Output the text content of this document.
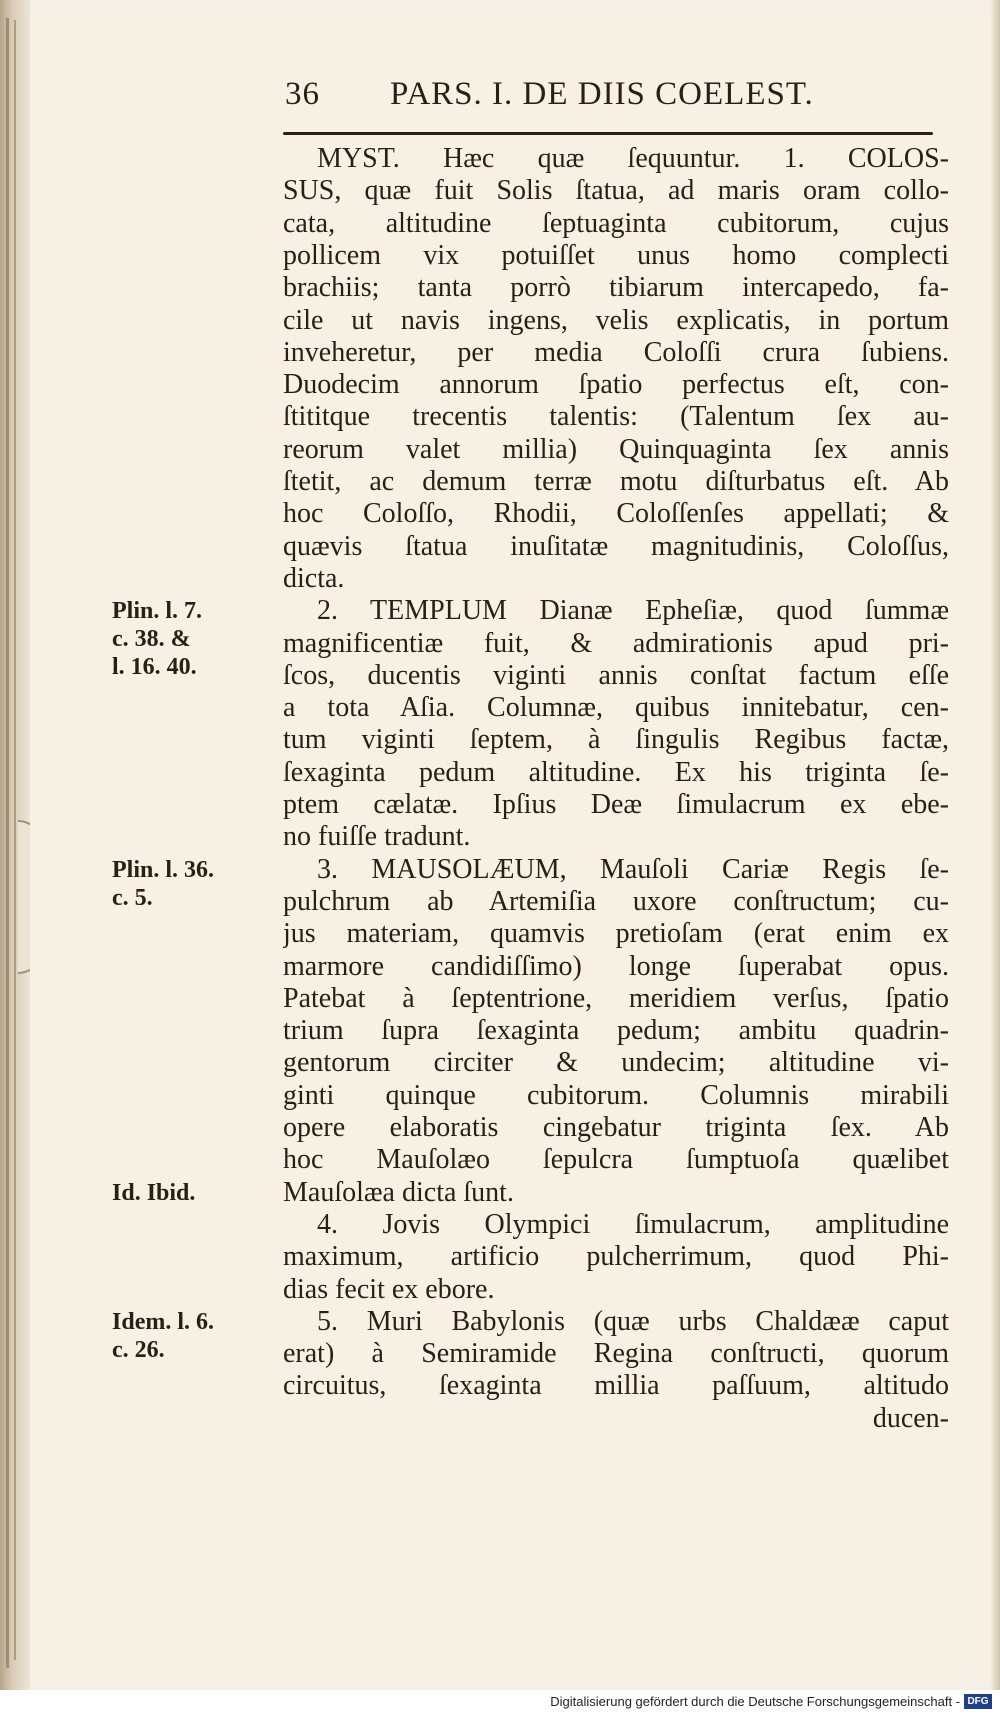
36 PARS. I. DE DIIS COELEST.
MYST. Hæc quæ ſequuntur. 1. COLOS-
SUS, quæ fuit Solis ſtatua, ad maris oram collo-
cata, altitudine ſeptuaginta cubitorum, cujus
pollicem vix potuiſſet unus homo complecti
brachiis; tanta porrò tibiarum intercapedo, fa-
cile ut navis ingens, velis explicatis, in portum
inveheretur, per media Coloſſi crura ſubiens.
Duodecim annorum ſpatio perfectus eſt, con-
ſtititque trecentis talentis: (Talentum ſex au-
reorum valet millia) Quinquaginta ſex annis
ſtetit, ac demum terræ motu diſturbatus eſt. Ab
hoc Coloſſo, Rhodii, Coloſſenſes appellati; &
quævis ſtatua inuſitatæ magnitudinis, Coloſſus,
dicta.
2. TEMPLUM Dianæ Epheſiæ, quod ſummæ
magnificentiæ fuit, & admirationis apud pri-
ſcos, ducentis viginti annis conſtat factum eſſe
a tota Aſia. Columnæ, quibus innitebatur, cen-
tum viginti ſeptem, à ſingulis Regibus factæ,
ſexaginta pedum altitudine. Ex his triginta ſe-
ptem cælatæ. Ipſius Deæ ſimulacrum ex ebe-
no fuiſſe tradunt.
3. MAUSOLÆUM, Mauſoli Cariæ Regis ſe-
pulchrum ab Artemiſia uxore conſtructum; cu-
jus materiam, quamvis pretioſam (erat enim ex
marmore candidiſſimo) longe ſuperabat opus.
Patebat à ſeptentrione, meridiem verſus, ſpatio
trium ſupra ſexaginta pedum; ambitu quadrin-
gentorum circiter & undecim; altitudine vi-
ginti quinque cubitorum. Columnis mirabili
opere elaboratis cingebatur triginta ſex. Ab
hoc Mauſolæo ſepulcra ſumptuoſa quælibet
Mauſolæa dicta ſunt.
4. Jovis Olympici ſimulacrum, amplitudine
maximum, artificio pulcherrimum, quod Phi-
dias fecit ex ebore.
5. Muri Babylonis (quæ urbs Chaldææ caput
erat) à Semiramide Regina conſtructi, quorum
circuitus, ſexaginta millia paſſuum, altitudo
ducen-
Plin. l. 7.
c. 38. &
l. 16. 40.
Plin. l. 36.
c. 5.
Id. Ibid.
Idem. l. 6.
c. 26.
Digitalisierung gefördert durch die Deutsche Forschungsgemeinschaft - DFG
